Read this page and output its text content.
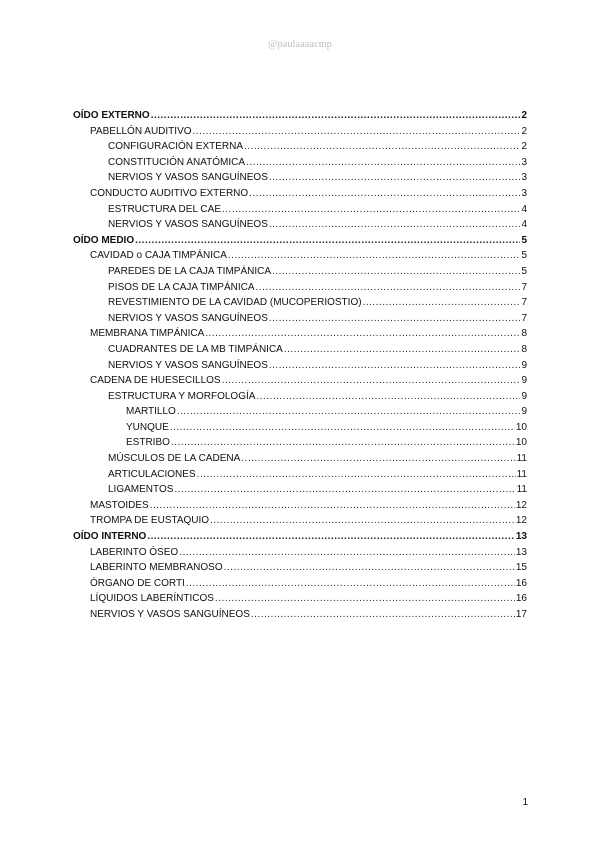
@paulaaaacmp
OÍDO EXTERNO .....	2
PABELLÓN AUDITIVO .....	2
CONFIGURACIÓN EXTERNA .....	2
CONSTITUCIÓN ANATÓMICA .....	3
NERVIOS Y VASOS SANGUÍNEOS .....	3
CONDUCTO AUDITIVO EXTERNO .....	3
ESTRUCTURA DEL CAE .....	4
NERVIOS Y VASOS SANGUÍNEOS .....	4
OÍDO MEDIO .....	5
CAVIDAD o CAJA TIMPÁNICA .....	5
PAREDES DE LA CAJA TIMPÁNICA .....	5
PISOS DE LA CAJA TIMPÁNICA .....	7
REVESTIMIENTO DE LA CAVIDAD (MUCOPERIOSTIO) .....	7
NERVIOS Y VASOS SANGUÍNEOS .....	7
MEMBRANA TIMPÁNICA .....	8
CUADRANTES DE LA MB TIMPÁNICA .....	8
NERVIOS Y VASOS SANGUÍNEOS .....	9
CADENA DE HUESECILLOS .....	9
ESTRUCTURA Y MORFOLOGÍA .....	9
MARTILLO .....	9
YUNQUE .....	10
ESTRIBO .....	10
MÚSCULOS DE LA CADENA .....	11
ARTICULACIONES .....	11
LIGAMENTOS .....	11
MASTOIDES .....	12
TROMPA DE EUSTAQUIO .....	12
OÍDO INTERNO .....	13
LABERINTO ÓSEO .....	13
LABERINTO MEMBRANOSO .....	15
ÓRGANO DE CORTI .....	16
LÍQUIDOS LABERÍNTICOS .....	16
NERVIOS Y VASOS SANGUÍNEOS .....	17
1
